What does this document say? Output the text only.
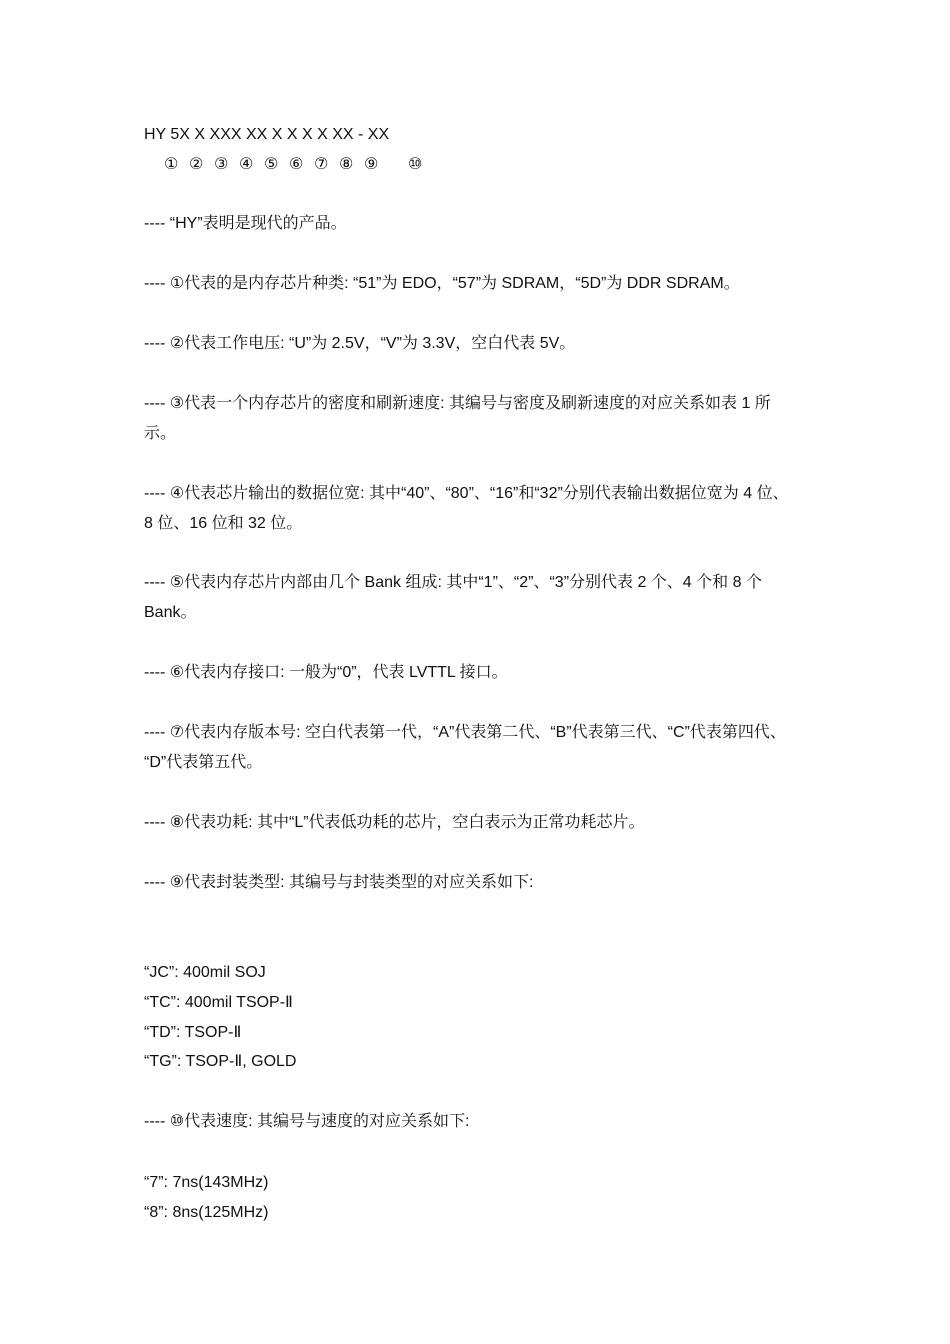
HY 5X X XXX XX X X X X XX - XX
① ② ③ ④ ⑤ ⑥ ⑦ ⑧ ⑨ ⑩
---- “HY”表明是现代的产品。
---- ①代表的是内存芯片种类: “51”为 EDO，“57”为 SDRAM，“5D”为 DDR SDRAM。
---- ②代表工作电压: “U”为 2.5V，“V”为 3.3V，空白代表 5V。
---- ③代表一个内存芯片的密度和刷新速度: 其编号与密度及刷新速度的对应关系如表 1 所
示。
---- ④代表芯片输出的数据位宽: 其中“40”、“80”、“16”和“32”分别代表输出数据位宽为 4 位、
8 位、16 位和 32 位。
---- ⑤代表内存芯片内部由几个 Bank 组成: 其中“1”、“2”、“3”分别代表 2 个、4 个和 8 个
Bank。
---- ⑥代表内存接口: 一般为“0”，代表 LVTTL 接口。
---- ⑦代表内存版本号: 空白代表第一代，“A”代表第二代、“B”代表第三代、“C”代表第四代、
“D”代表第五代。
---- ⑧代表功耗: 其中“L”代表低功耗的芯片，空白表示为正常功耗芯片。
---- ⑨代表封装类型: 其编号与封装类型的对应关系如下:
“JC”: 400mil SOJ
“TC”: 400mil TSOP-Ⅱ
“TD”: TSOP-Ⅱ
“TG”: TSOP-Ⅱ, GOLD
---- ⑩代表速度: 其编号与速度的对应关系如下:
“7”: 7ns(143MHz)
“8”: 8ns(125MHz)
